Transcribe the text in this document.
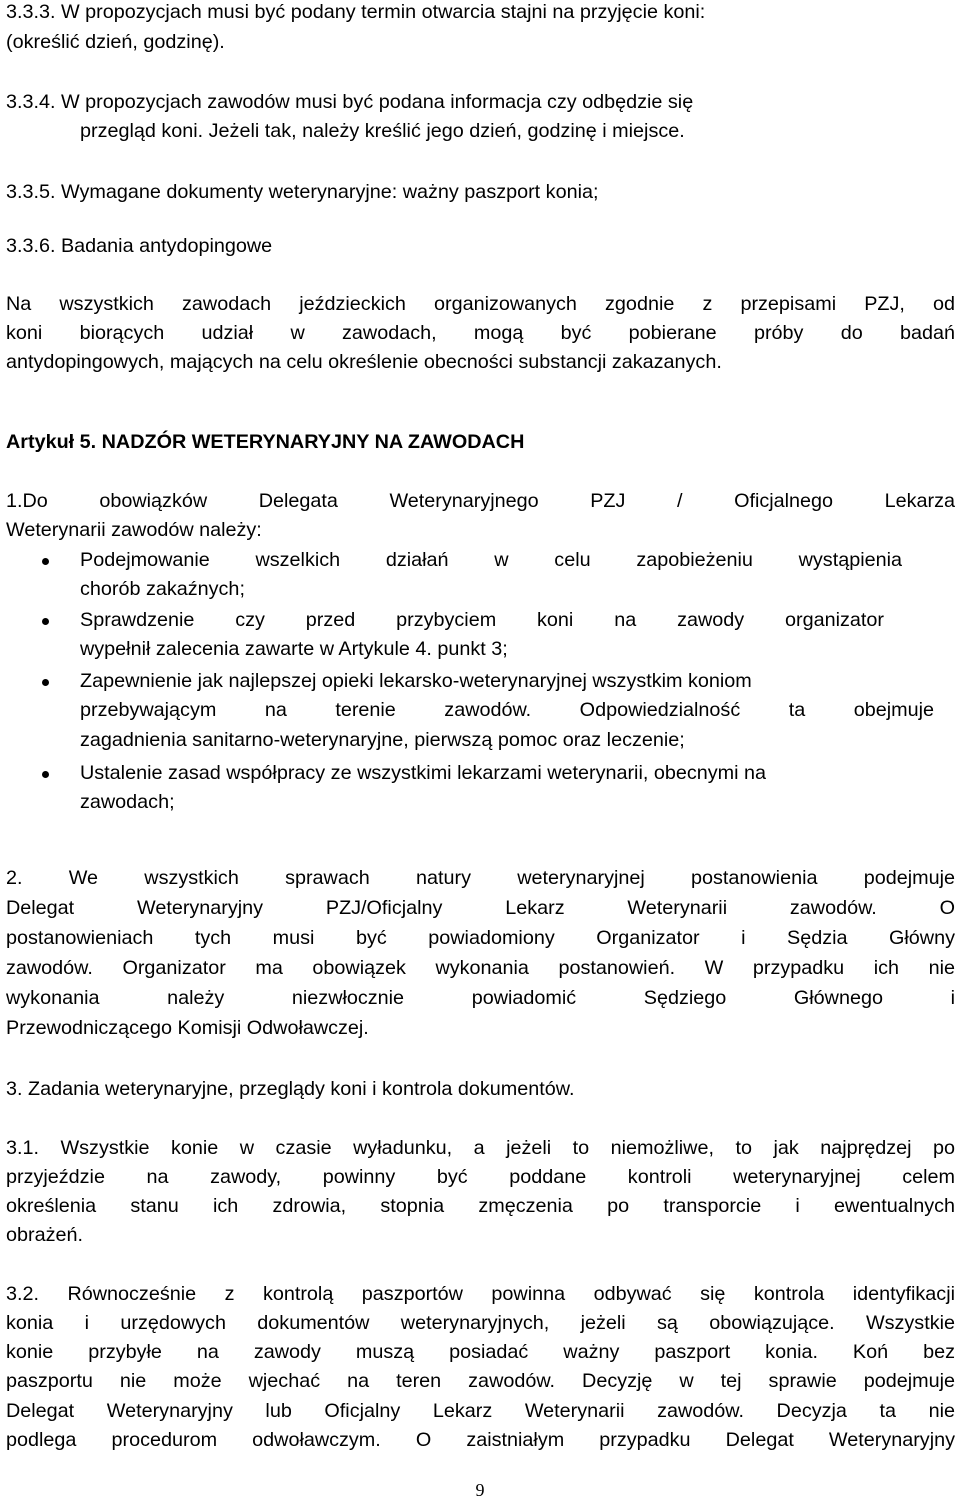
3.3.3. W propozycjach musi być podany termin otwarcia stajni na przyjęcie koni:

(określić dzień, godzinę).

3.3.4. W propozycjach zawodów musi być podana informacja czy odbędzie się

przegląd koni. Jeżeli tak, należy kreślić jego dzień, godzinę i miejsce.

3.3.5. Wymagane dokumenty weterynaryjne: ważny paszport konia;

3.3.6. Badania antydopingowe

Na wszystkich zawodach jeździeckich organizowanych zgodnie z przepisami PZJ, od

koni biorących udział w zawodach, mogą być pobierane próby do badań

antydopingowych, mających na celu określenie obecności substancji zakazanych.

Artykuł 5. NADZÓR WETERYNARYJNY NA ZAWODACH

1.Do obowiązków Delegata Weterynaryjnego PZJ / Oficjalnego Lekarza

Weterynarii zawodów należy:

Podejmowanie wszelkich działań w celu zapobieżeniu wystąpienia

chorób zakaźnych;

Sprawdzenie czy przed przybyciem koni na zawody organizator

wypełnił zalecenia zawarte w Artykule 4. punkt 3;

Zapewnienie jak najlepszej opieki lekarsko-weterynaryjnej wszystkim koniom

przebywającym na terenie zawodów. Odpowiedzialność ta obejmuje

zagadnienia sanitarno-weterynaryjne, pierwszą pomoc oraz leczenie;

Ustalenie zasad współpracy ze wszystkimi lekarzami weterynarii, obecnymi na

zawodach;

2. We wszystkich sprawach natury weterynaryjnej postanowienia podejmuje

Delegat Weterynaryjny PZJ/Oficjalny Lekarz Weterynarii zawodów. O

postanowieniach tych musi być powiadomiony Organizator i Sędzia Główny

zawodów. Organizator ma obowiązek wykonania postanowień. W przypadku ich nie

wykonania należy niezwłocznie powiadomić Sędziego Głównego i

Przewodniczącego Komisji Odwoławczej.

3. Zadania weterynaryjne, przeglądy koni i kontrola dokumentów.

3.1. Wszystkie konie w czasie wyładunku, a jeżeli to niemożliwe, to jak najprędzej po

przyjeździe na zawody, powinny być poddane kontroli weterynaryjnej celem

określenia stanu ich zdrowia, stopnia zmęczenia po transporcie i ewentualnych

obrażeń.

3.2. Równocześnie z kontrolą paszportów powinna odbywać się kontrola identyfikacji

konia i urzędowych dokumentów weterynaryjnych, jeżeli są obowiązujące. Wszystkie

konie przybyłe na zawody muszą posiadać ważny paszport konia. Koń bez

paszportu nie może wjechać na teren zawodów. Decyzję w tej sprawie podejmuje

Delegat Weterynaryjny lub Oficjalny Lekarz Weterynarii zawodów. Decyzja ta nie

podlega procedurom odwoławczym. O zaistniałym przypadku Delegat Weterynaryjny

9
